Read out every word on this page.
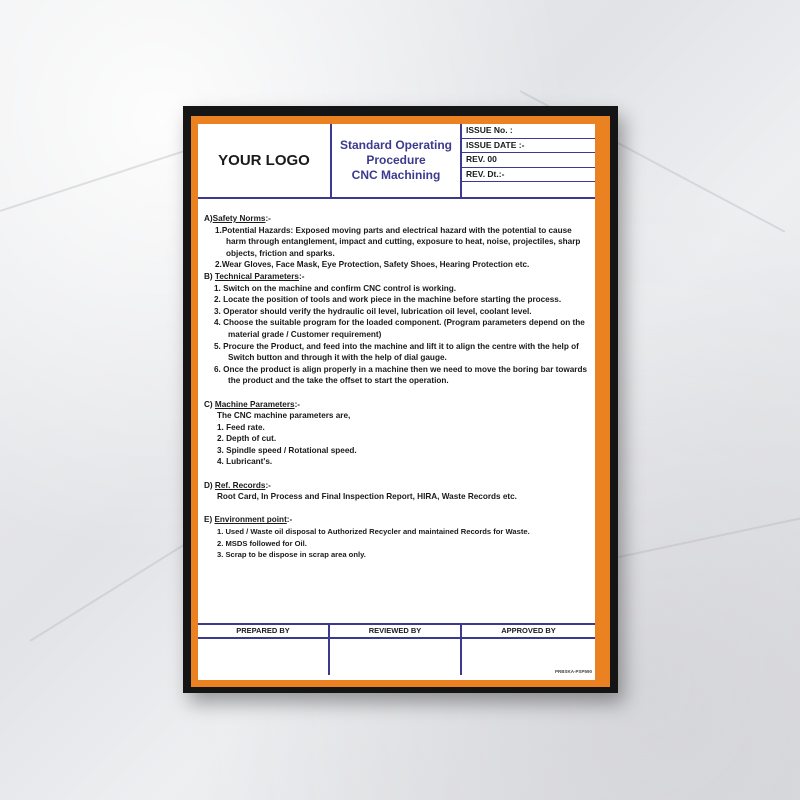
YOUR LOGO
Standard Operating
Procedure
CNC Machining
ISSUE No. :
ISSUE DATE :-
REV. 00
REV. Dt.:-

A)Safety Norms:-

1.Potential Hazards: Exposed moving parts and electrical hazard with the potential to cause harm through entanglement, impact and cutting, exposure to heat, noise, projectiles, sharp objects, friction and sparks.

2.Wear Gloves, Face Mask, Eye Protection, Safety Shoes, Hearing Protection etc.

B) Technical Parameters:-

1. Switch on the machine and confirm CNC control is working.

2. Locate the position of tools and work piece in the machine before starting the process.

3. Operator should verify the hydraulic oil level, lubrication oil level, coolant level.

4. Choose the suitable program for the loaded component. (Program parameters depend on the material grade / Customer requirement)

5. Procure the Product, and feed into the machine and lift it to align the centre with the help of Switch button and through it with the help of dial gauge.

6. Once the product is align properly in a machine then we need to move the boring bar towards the product and the take the offset to start the operation.

C) Machine Parameters:-

The CNC machine parameters are,

1. Feed rate.

2. Depth of cut.

3. Spindle speed / Rotational speed.

4. Lubricant's.

D) Ref. Records:-

Root Card, In Process and Final Inspection Report, HIRA, Waste Records etc.

E) Environment point:-

1. Used / Waste oil disposal to Authorized Recycler and maintained Records for Waste.

2. MSDS followed for Oil.

3. Scrap to be dispose in scrap area only.

PREPARED BY	REVIEWED BY	APPROVED BY
PRBSKA-PSP590
